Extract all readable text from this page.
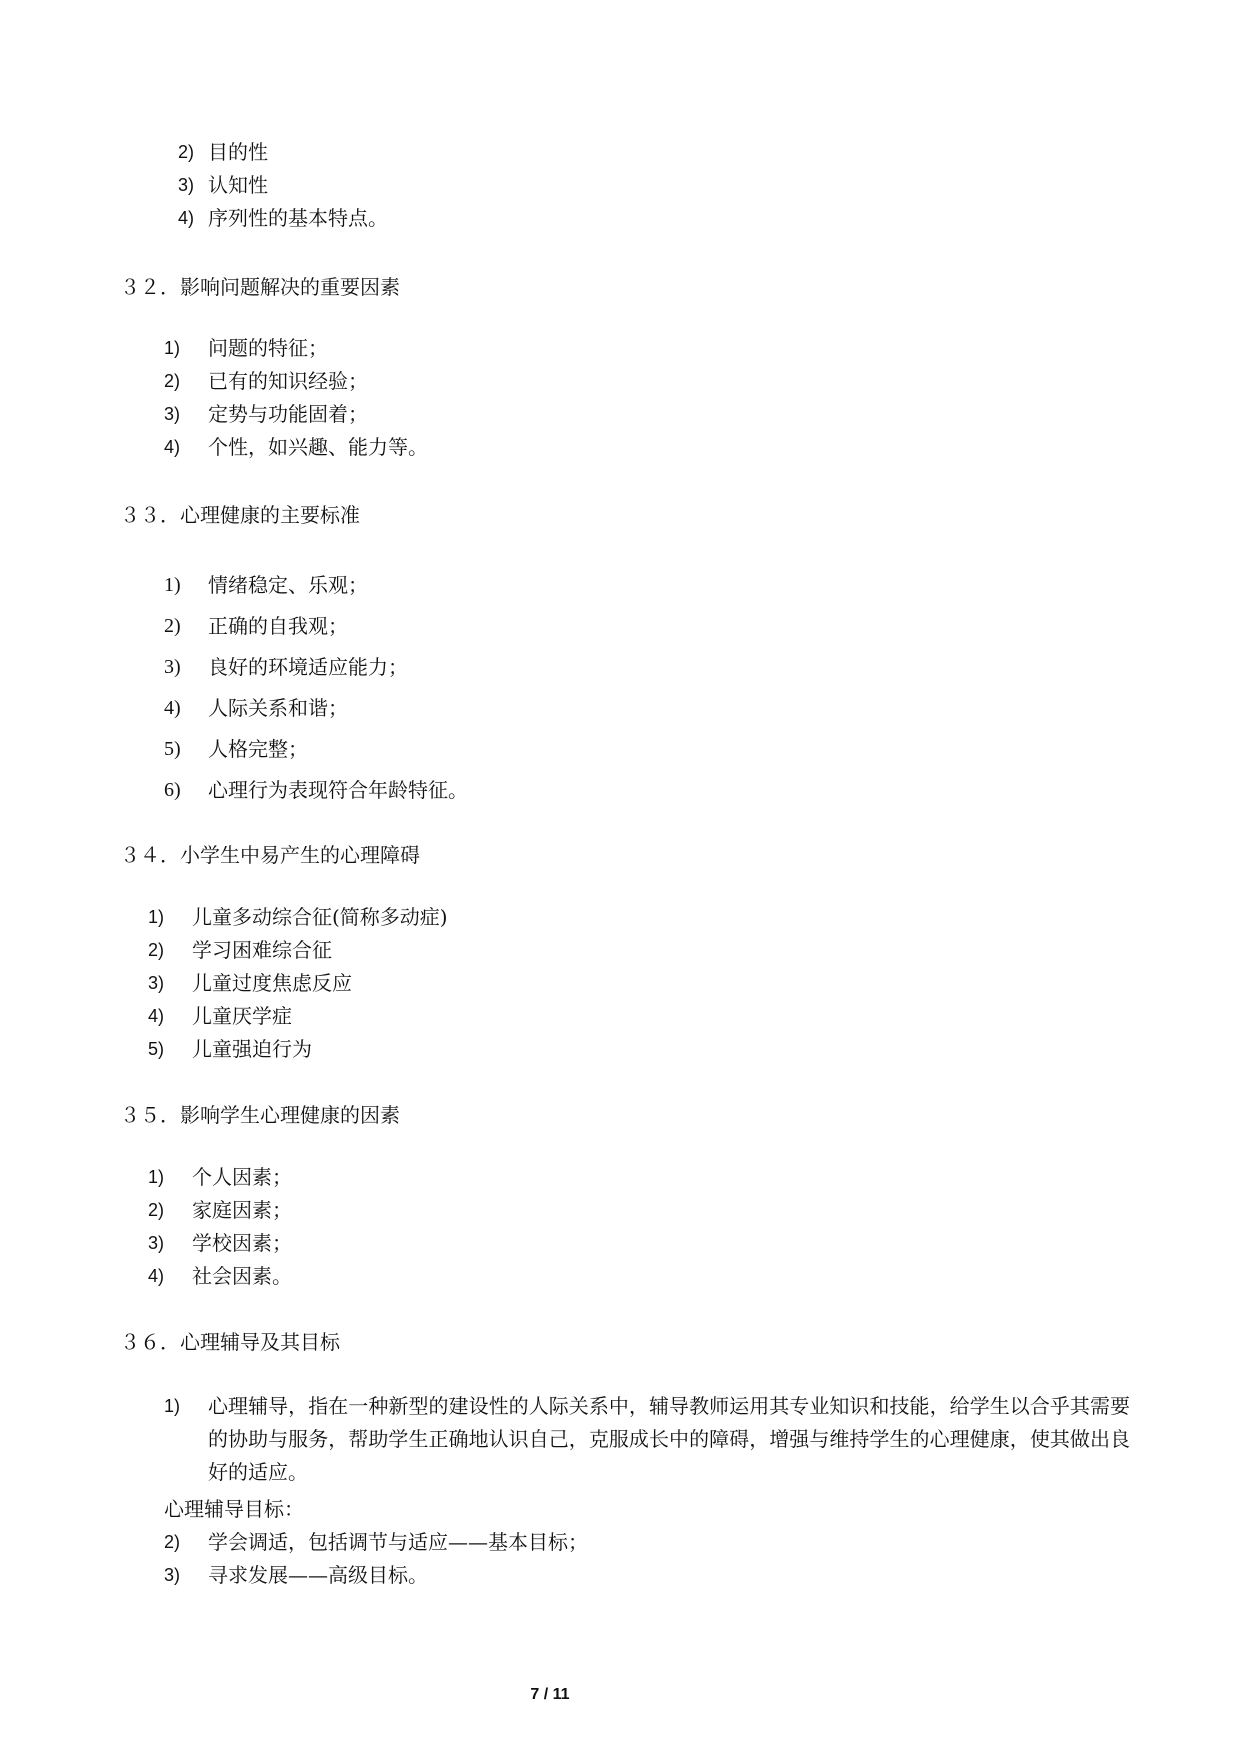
2) 目的性
3) 认知性
4) 序列性的基本特点。
３２．影响问题解决的重要因素
1) 问题的特征；
2) 已有的知识经验；
3) 定势与功能固着；
4) 个性，如兴趣、能力等。
３３．心理健康的主要标准
1) 情绪稳定、乐观；
2) 正确的自我观；
3) 良好的环境适应能力；
4) 人际关系和谐；
5) 人格完整；
6) 心理行为表现符合年龄特征。
３４．小学生中易产生的心理障碍
1) 儿童多动综合征(简称多动症)
2) 学习困难综合征
3) 儿童过度焦虑反应
4) 儿童厌学症
5) 儿童强迫行为
３５．影响学生心理健康的因素
1) 个人因素；
2) 家庭因素；
3) 学校因素；
4) 社会因素。
３６．心理辅导及其目标
1) 心理辅导，指在一种新型的建设性的人际关系中，辅导教师运用其专业知识和技能，给学生以合乎其需要的协助与服务，帮助学生正确地认识自己，克服成长中的障碍，增强与维持学生的心理健康，使其做出良好的适应。
心理辅导目标：
2) 学会调适，包括调节与适应——基本目标；
3) 寻求发展——高级目标。
7 / 11
